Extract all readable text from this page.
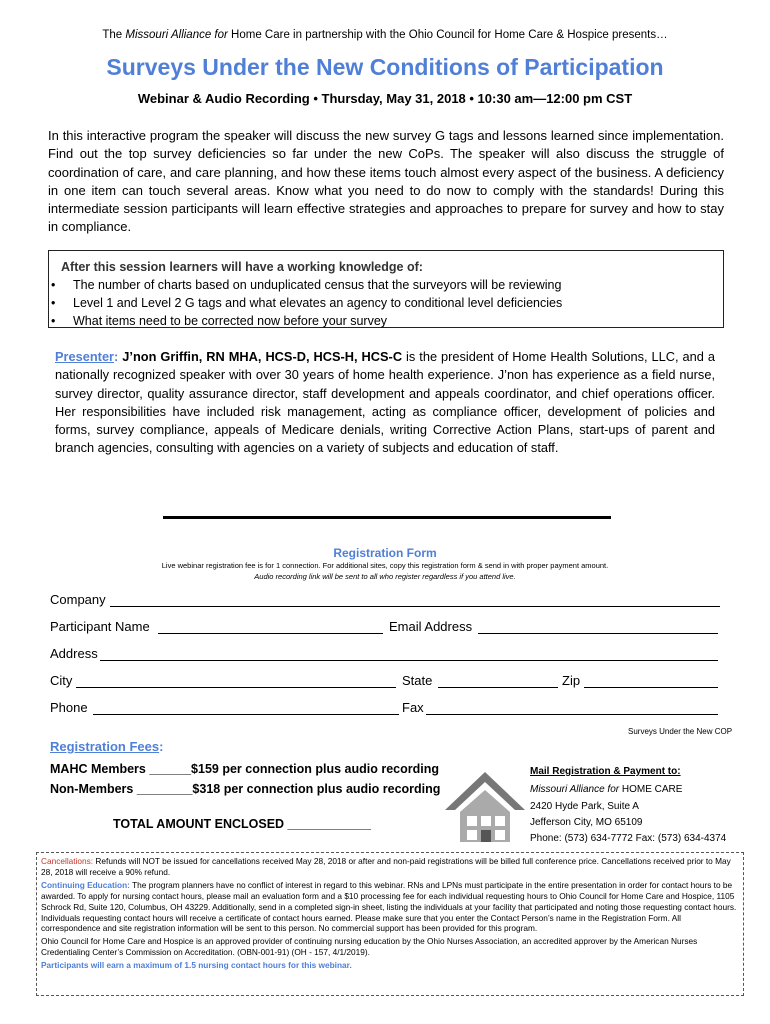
The Missouri Alliance for Home Care in partnership with the Ohio Council for Home Care & Hospice presents…
Surveys Under the New Conditions of Participation
Webinar & Audio Recording • Thursday, May 31, 2018 • 10:30 am—12:00 pm CST
In this interactive program the speaker will discuss the new survey G tags and lessons learned since implementation. Find out the top survey deficiencies so far under the new CoPs. The speaker will also discuss the struggle of coordination of care, and care planning, and how these items touch almost every aspect of the business. A deficiency in one item can touch several areas. Know what you need to do now to comply with the standards! During this intermediate session participants will learn effective strategies and approaches to prepare for survey and how to stay in compliance.
After this session learners will have a working knowledge of:
• The number of charts based on unduplicated census that the surveyors will be reviewing
• Level 1 and Level 2 G tags and what elevates an agency to conditional level deficiencies
• What items need to be corrected now before your survey
Presenter: J’non Griffin, RN MHA, HCS-D, HCS-H, HCS-C is the president of Home Health Solutions, LLC, and a nationally recognized speaker with over 30 years of home health experience. J’non has experience as a field nurse, survey director, quality assurance director, staff development and appeals coordinator, and chief operations officer. Her responsibilities have included risk management, acting as compliance officer, development of policies and forms, survey compliance, appeals of Medicare denials, writing Corrective Action Plans, start-ups of parent and branch agencies, consulting with agencies on a variety of subjects and education of staff.
Registration Form
Live webinar registration fee is for 1 connection. For additional sites, copy this registration form & send in with proper payment amount.
Audio recording link will be sent to all who register regardless if you attend live.
Company
Participant Name	Email Address
Address
City	State	Zip
Phone	Fax
Surveys Under the New COP
Registration Fees:
MAHC Members ______$159 per connection plus audio recording
Non-Members ________$318 per connection plus audio recording
TOTAL AMOUNT ENCLOSED ____________
Mail Registration & Payment to:
Missouri Alliance for HOME CARE
2420 Hyde Park, Suite A
Jefferson City, MO 65109
Phone: (573) 634-7772 Fax: (573) 634-4374

Cancellations: Refunds will NOT be issued for cancellations received May 28, 2018 or after and non-paid registrations will be billed full conference price. Cancellations received prior to May 28, 2018 will receive a 90% refund.

Continuing Education: The program planners have no conflict of interest in regard to this webinar. RNs and LPNs must participate in the entire presentation in order for contact hours to be awarded. To apply for nursing contact hours, please mail an evaluation form and a $10 processing fee for each individual requesting hours to Ohio Council for Home Care and Hospice, 1105 Schrock Rd, Suite 120, Columbus, OH 43229. Additionally, send in a completed sign-in sheet, listing the individuals at your facility that participated and noting those requesting contact hours. Individuals requesting contact hours will receive a certificate of contact hours earned. Please make sure that you enter the Contact Person’s name in the Registration Form. All correspondence and site registration information will be sent to this person. No commercial support has been provided for this program.

Ohio Council for Home Care and Hospice is an approved provider of continuing nursing education by the Ohio Nurses Association, an accredited approver by the American Nurses Credentialing Center’s Commission on Accreditation. (OBN-001-91) (OH - 157, 4/1/2019).

Participants will earn a maximum of 1.5 nursing contact hours for this webinar.
